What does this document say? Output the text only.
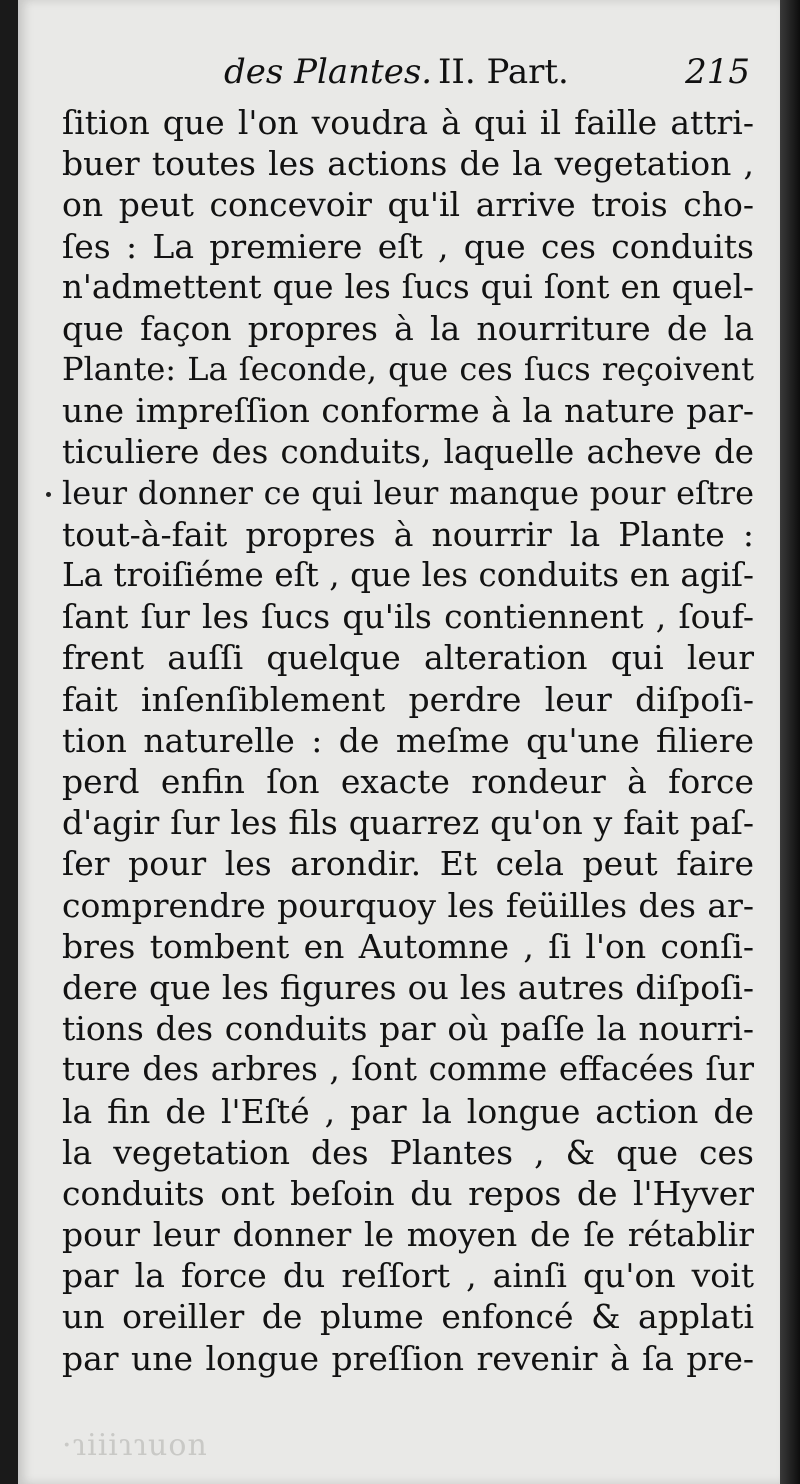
des Plantes. II. Part.	215
ſition que l'on voudra à qui il faille attri-
buer toutes les actions de la vegetation ,
on peut concevoir qu'il arrive trois cho-
ſes : La premiere eſt , que ces conduits
n'admettent que les ſucs qui ſont en quel-
que façon propres à la nourriture de la
Plante: La ſeconde, que ces ſucs reçoivent
une impreſſion conforme à la nature par-
ticuliere des conduits, laquelle acheve de
leur donner ce qui leur manque pour eſtre
tout-à-fait propres à nourrir la Plante :
La troiſiéme eſt , que les conduits en agiſ-
ſant ſur les ſucs qu'ils contiennent , ſouf-
frent auſſi quelque alteration qui leur
fait inſenſiblement perdre leur diſpoſi-
tion naturelle : de meſme qu'une filiere
perd enfin ſon exacte rondeur à force
d'agir ſur les fils quarrez qu'on y fait paſ-
ſer pour les arondir. Et cela peut faire
comprendre pourquoy les feüilles des ar-
bres tombent en Automne , ſi l'on conſi-
dere que les figures ou les autres diſpoſi-
tions des conduits par où paſſe la nourri-
ture des arbres , ſont comme effacées ſur
la fin de l'Eſté , par la longue action de
la vegetation des Plantes , & que ces
conduits ont beſoin du repos de l'Hyver
pour leur donner le moyen de ſe rétablir
par la force du reſſort , ainſi qu'on voit
un oreiller de plume enfoncé & applati
par une longue preſſion revenir à ſa pre-
·ɿiiiɿɿuon
